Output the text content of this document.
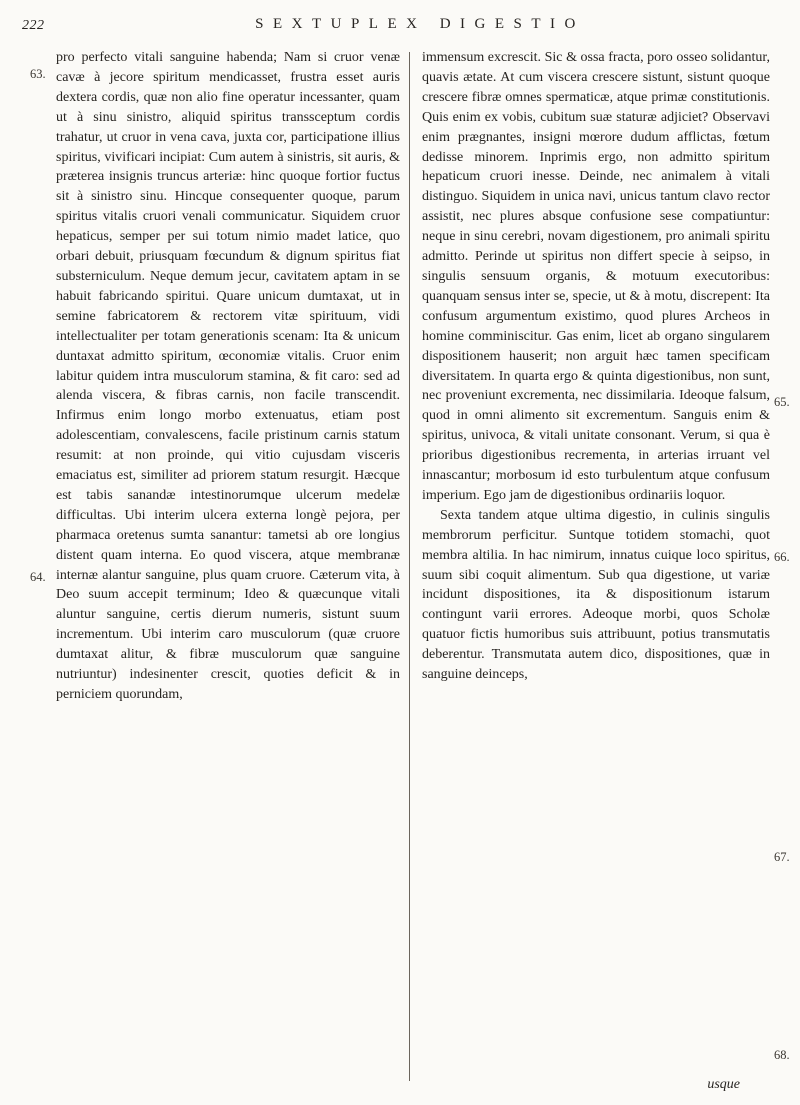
222	SEXTUPLEX DIGESTIO

pro perfecto vitali sanguine habenda; Nam si cruor venæ cavæ à jecore spiritum mendicasset, frustra esset auris dextera cordis, quæ non alio fine operatur incessanter, quam ut à sinu sinistro, aliquid spiritus transsceptum cordis trahatur, ut cruor in vena cava, juxta cor, participatione illius spiritus, vivificari incipiat: Cum autem à sinistris, sit auris, & præterea insignis truncus arteriæ: hinc quoque fortior fuctus sit à sinistro sinu. Hincque consequenter quoque, parum spiritus vitalis cruori venali communicatur. Siquidem cruor hepaticus, semper per sui totum nimio madet latice, quo orbari debuit, priusquam fœcundum & dignum spiritus fiat substerniculum. Neque demum jecur, cavitatem aptam in se habuit fabricando spiritui. Quare unicum dumtaxat, ut in semine fabricatorem & rectorem vitæ spirituum, vidi intellectualiter per totam generationis scenam: Ita & unicum duntaxat admitto spiritum, œconomiæ vitalis. Cruor enim labitur quidem intra musculorum stamina, & fit caro: sed ad alenda viscera, & fibras carnis, non facile transcendit. Infirmus enim longo morbo extenuatus, etiam post adolescentiam, convalescens, facile pristinum carnis statum resumit: at non proinde, qui vitio cujusdam visceris emaciatus est, similiter ad priorem statum resurgit. Hæcque est tabis sanandæ intestinorumque ulcerum medelæ difficultas. Ubi interim ulcera externa longè pejora, per pharmaca oretenus sumta sanantur: tametsi ab ore longius distent quam interna. Eo quod viscera, atque membranæ internæ alantur sanguine, plus quam cruore. Cæterum vita, à Deo suum accepit terminum; Ideo & quæcunque vitali aluntur sanguine, certis dierum numeris, sistunt suum incrementum. Ubi interim caro musculorum (quæ cruore dumtaxat alitur, & fibræ musculorum quæ sanguine nutriuntur) indesinenter crescit, quoties deficit & in perniciem quorundam,

immensum excrescit. Sic & ossa fracta, poro osseo solidantur, quavis ætate. At cum viscera crescere sistunt, sistunt quoque crescere fibræ omnes spermaticæ, atque primæ constitutionis. Quis enim ex vobis, cubitum suæ staturæ adjiciet? Observavi enim prægnantes, insigni mœrore dudum afflictas, fœtum dedisse minorem. Inprimis ergo, non admitto spiritum hepaticum cruori inesse. Deinde, nec animalem à vitali distinguo. Siquidem in unica navi, unicus tantum clavo rector assistit, nec plures absque confusione sese compatiuntur: neque in sinu cerebri, novam digestionem, pro animali spiritu admitto. Perinde ut spiritus non differt specie à seipso, in singulis sensuum organis, & motuum executoribus: quanquam sensus inter se, specie, ut & à motu, discrepent: Ita confusum argumentum existimo, quod plures Archeos in homine comminiscitur. Gas enim, licet ab organo singularem dispositionem hauserit; non arguit hæc tamen specificam diversitatem. In quarta ergo & quinta digestionibus, non sunt, nec proveniunt excrementa, nec dissimilaria. Ideoque falsum, quod in omni alimento sit excrementum. Sanguis enim & spiritus, univoca, & vitali unitate consonant. Verum, si qua è prioribus digestionibus recrementa, in arterias irruant vel innascantur; morbosum id esto turbulentum atque confusum imperium. Ego jam de digestionibus ordinariis loquor.

Sexta tandem atque ultima digestio, in culinis singulis membrorum perficitur. Suntque totidem stomachi, quot membra altilia. In hac nimirum, innatus cuique loco spiritus, suum sibi coquit alimentum. Sub qua digestione, ut variæ incidunt dispositiones, ita & dispositionum istarum contingunt varii errores. Adeoque morbi, quos Scholæ quatuor fictis humoribus suis attribuunt, potius transmutatis deberentur. Transmutata autem dico, dispositiones, quæ in sanguine deinceps,

63.
64.
65.
66.
67.
68.
usque
